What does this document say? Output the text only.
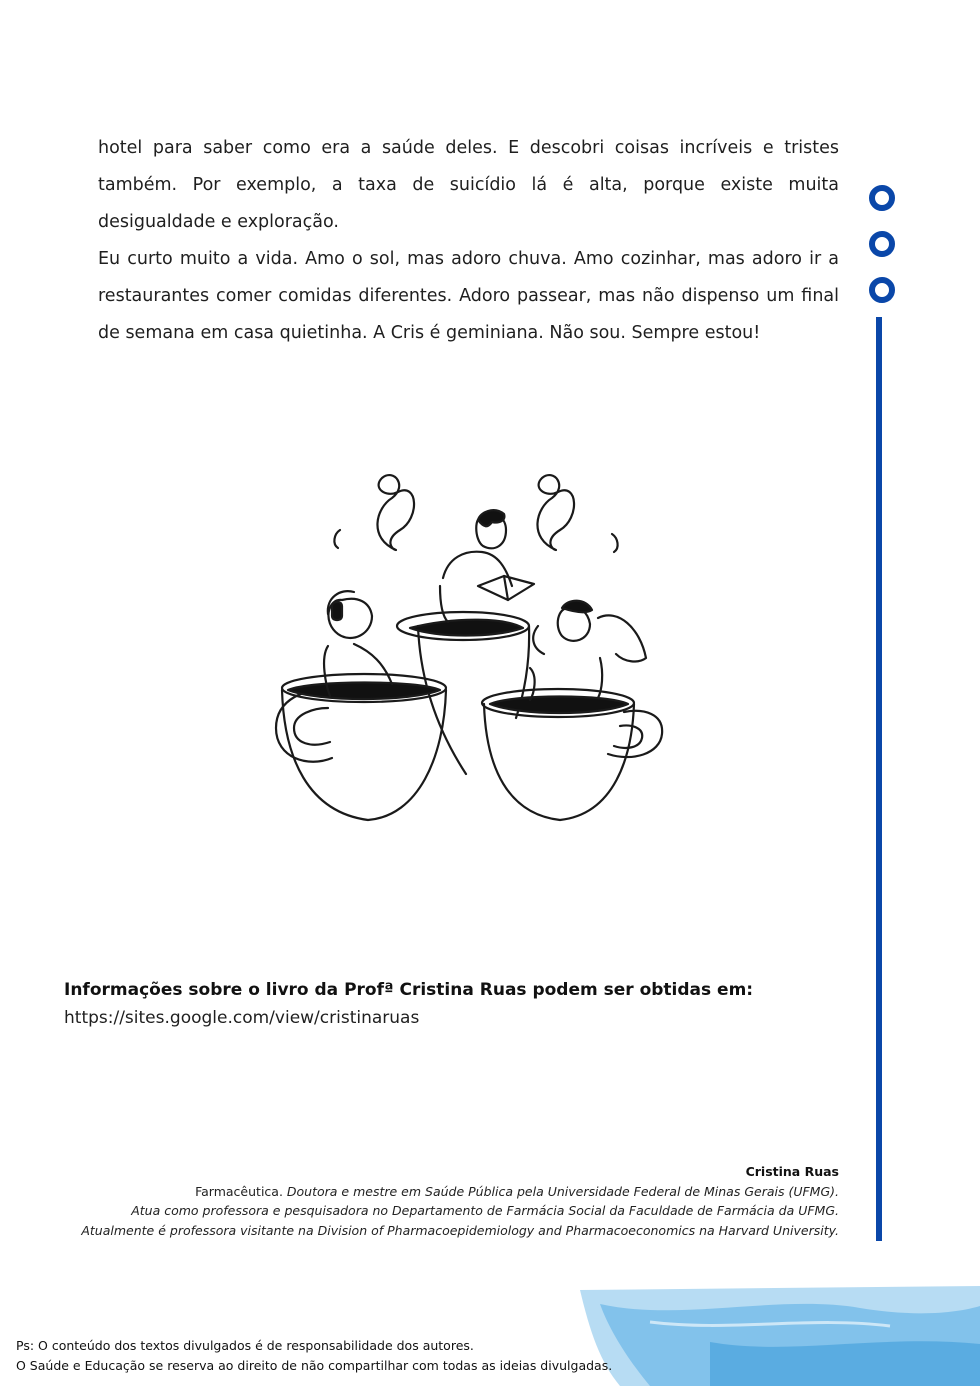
hotel para saber como era a saúde deles. E descobri coisas incríveis e tristes também. Por exemplo, a taxa de suicídio lá é alta, porque existe muita desigualdade e exploração.

Eu curto muito a vida. Amo o sol, mas adoro chuva. Amo cozinhar, mas adoro ir a restaurantes comer comidas diferentes. Adoro passear, mas não dispenso um final de semana em casa quietinha. A Cris é geminiana. Não sou. Sempre estou!

Informações sobre o livro da Profª Cristina Ruas podem ser obtidas em:

https://sites.google.com/view/cristinaruas

Cristina Ruas

Farmacêutica. Doutora e mestre em Saúde Pública pela Universidade Federal de Minas Gerais (UFMG).

Atua como professora e pesquisadora no Departamento de Farmácia Social da Faculdade de Farmácia da UFMG.

Atualmente é professora visitante na Division of Pharmacoepidemiology and Pharmacoeconomics na Harvard University.

Ps: O conteúdo dos textos divulgados é de responsabilidade dos autores.

O Saúde e Educação se reserva ao direito de não compartilhar com todas as ideias divulgadas.
